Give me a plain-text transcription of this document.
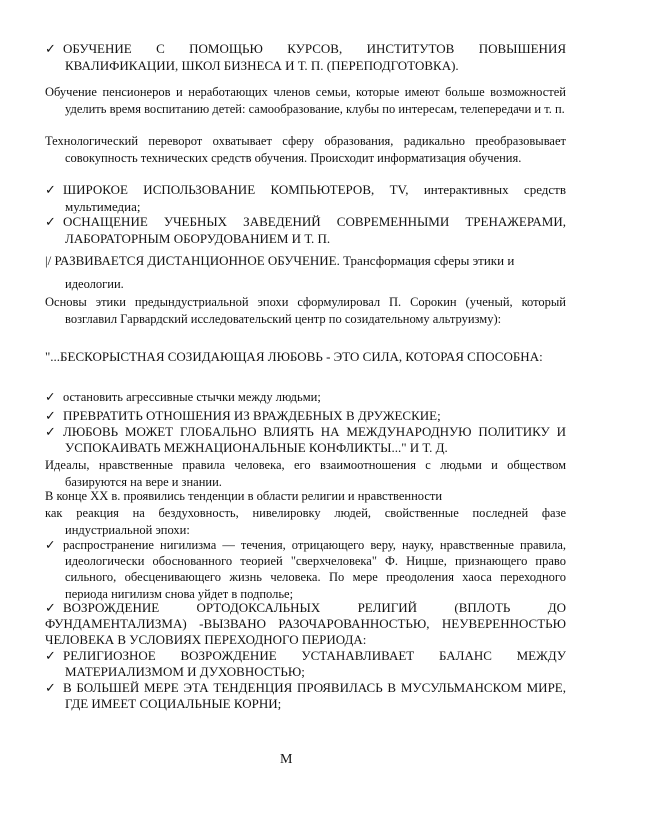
✓ ОБУЧЕНИЕ С ПОМОЩЬЮ КУРСОВ, ИНСТИТУТОВ ПОВЫШЕНИЯ КВАЛИФИКАЦИИ, ШКОЛ БИЗНЕСА И Т. П. (ПЕРЕПОДГОТОВКА).

Обучение пенсионеров и неработающих членов семьи, которые имеют больше возможностей уделить время воспитанию детей: самообразование, клубы по интересам, телепередачи и т. п.

Технологический переворот охватывает сферу образования, радикально преобразовывает совокупность технических средств обучения. Происходит информатизация обучения.

✓ ШИРОКОЕ ИСПОЛЬЗОВАНИЕ КОМПЬЮТЕРОВ, TV, интерактивных средств мультимедиа;

✓ ОСНАЩЕНИЕ УЧЕБНЫХ ЗАВЕДЕНИЙ СОВРЕМЕННЫМИ ТРЕНАЖЕРАМИ, ЛАБОРАТОРНЫМ ОБОРУДОВАНИЕМ И Т. П.

|/ РАЗВИВАЕТСЯ ДИСТАНЦИОННОЕ ОБУЧЕНИЕ. Трансформация сферы этики и

идеологии.

Основы этики предындустриальной эпохи сформулировал П. Сорокин (ученый, который возглавил Гарвардский исследовательский центр по созидательному альтруизму):

"...БЕСКОРЫСТНАЯ СОЗИДАЮЩАЯ ЛЮБОВЬ - ЭТО СИЛА, КОТОРАЯ СПОСОБНА:

✓ остановить агрессивные стычки между людьми;

✓ ПРЕВРАТИТЬ ОТНОШЕНИЯ ИЗ ВРАЖДЕБНЫХ В ДРУЖЕСКИЕ;

✓ ЛЮБОВЬ МОЖЕТ ГЛОБАЛЬНО ВЛИЯТЬ НА МЕЖДУНАРОДНУЮ ПОЛИТИКУ И УСПОКАИВАТЬ МЕЖНАЦИОНАЛЬНЫЕ КОНФЛИКТЫ..." И Т. Д.

Идеалы, нравственные правила человека, его взаимоотношения с людьми и обществом базируются на вере и знании.

В конце XX в. проявились тенденции в области религии и нравственности

как реакция на бездуховность, нивелировку людей, свойственные последней фазе индустриальной эпохи:

✓ распространение нигилизма — течения, отрицающего веру, науку, нравственные правила, идеологически обоснованного теорией "сверхчеловека" Ф. Ницше, признающего право сильного, обесценивающего жизнь человека. По мере преодоления хаоса переходного периода нигилизм снова уйдет в подполье;

✓ ВОЗРОЖДЕНИЕ ОРТОДОКСАЛЬНЫХ РЕЛИГИЙ (ВПЛОТЬ ДО ФУНДАМЕНТАЛИЗМА) -ВЫЗВАНО РАЗОЧАРОВАННОСТЬЮ, НЕУВЕРЕННОСТЬЮ ЧЕЛОВЕКА В УСЛОВИЯХ ПЕРЕХОДНОГО ПЕРИОДА:

✓ РЕЛИГИОЗНОЕ ВОЗРОЖДЕНИЕ УСТАНАВЛИВАЕТ БАЛАНС МЕЖДУ МАТЕРИАЛИЗМОМ И ДУХОВНОСТЬЮ;

✓ В БОЛЬШЕЙ МЕРЕ ЭТА ТЕНДЕНЦИЯ ПРОЯВИЛАСЬ В МУСУЛЬМАНСКОМ МИРЕ, ГДЕ ИМЕЕТ СОЦИАЛЬНЫЕ КОРНИ;

M
